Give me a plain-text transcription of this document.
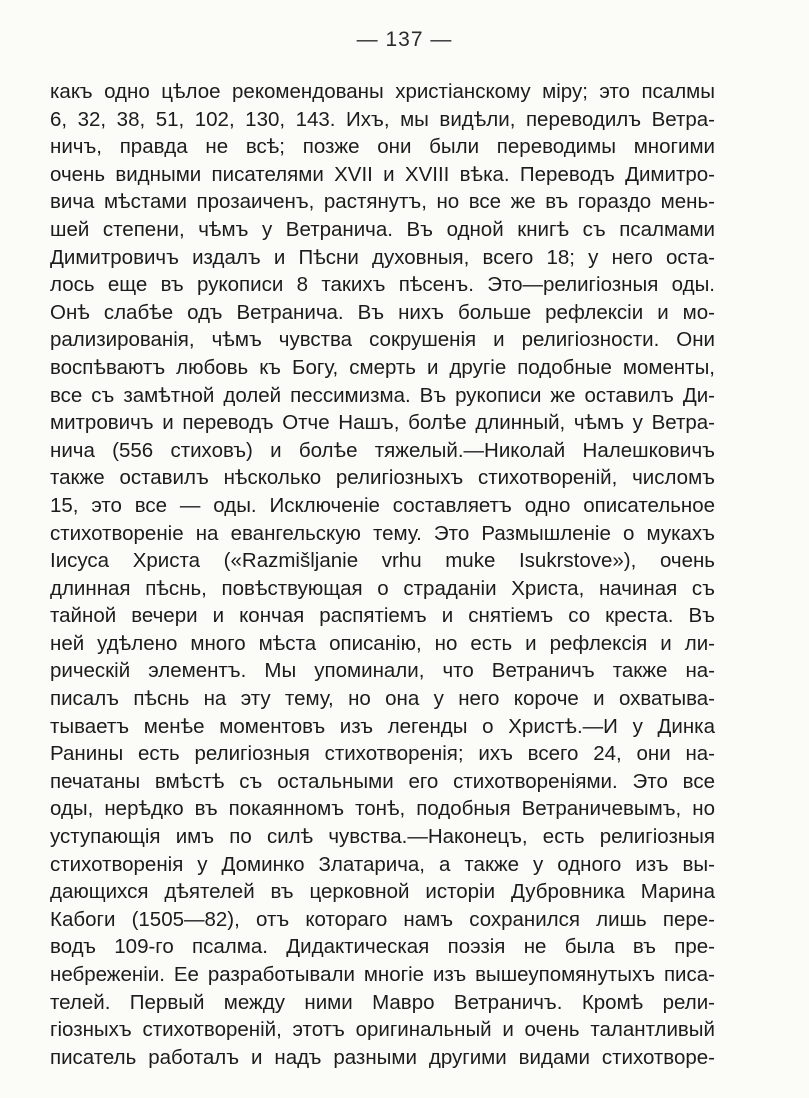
— 137 —
какъ одно цѣлое рекомендованы христіанскому міру; это псалмы
6, 32, 38, 51, 102, 130, 143. Ихъ, мы видѣли, переводилъ Ветра-
ничъ, правда не всѣ; позже они были переводимы многими
очень видными писателями XVII и XVIII вѣка. Переводъ Димитро-
вича мѣстами прозаиченъ, растянутъ, но все же въ гораздо мень-
шей степени, чѣмъ у Ветранича. Въ одной книгѣ съ псалмами
Димитровичъ издалъ и Пѣсни духовныя, всего 18; у него оста-
лось еще въ рукописи 8 такихъ пѣсенъ. Это—религіозныя оды.
Онѣ слабѣе одъ Ветранича. Въ нихъ больше рефлексіи и мо-
рализированія, чѣмъ чувства сокрушенія и религіозности. Они
воспѣваютъ любовь къ Богу, смерть и другіе подобные моменты,
все съ замѣтной долей пессимизма. Въ рукописи же оставилъ Ди-
митровичъ и переводъ Отче Нашъ, болѣе длинный, чѣмъ у Ветра-
нича (556 стиховъ) и болѣе тяжелый.—Николай Налешковичъ
также оставилъ нѣсколько религіозныхъ стихотвореній, числомъ
15, это все — оды. Исключеніе составляетъ одно описательное
стихотвореніе на евангельскую тему. Это Размышленіе о мукахъ
Іисуса Христа («Razmišljanie vrhu muke Isukrstove»), очень
длинная пѣснь, повѣствующая о страданіи Христа, начиная съ
тайной вечери и кончая распятіемъ и снятіемъ со креста. Въ
ней удѣлено много мѣста описанію, но есть и рефлексія и ли-
рическій элементъ. Мы упоминали, что Ветраничъ также на-
писалъ пѣснь на эту тему, но она у него короче и охватыва-
тываетъ менѣе моментовъ изъ легенды о Христѣ.—И у Динка
Ранины есть религіозныя стихотворенія; ихъ всего 24, они на-
печатаны вмѣстѣ съ остальными его стихотвореніями. Это все
оды, нерѣдко въ покаянномъ тонѣ, подобныя Ветраничевымъ, но
уступающія имъ по силѣ чувства.—Наконецъ, есть религіозныя
стихотворенія у Доминко Златарича, а также у одного изъ вы-
дающихся дѣятелей въ церковной исторіи Дубровника Марина
Кабоги (1505—82), отъ котораго намъ сохранился лишь пере-
водъ 109-го псалма. Дидактическая поэзія не была въ пре-
небреженіи. Ее разработывали многіе изъ вышеупомянутыхъ писа-
телей. Первый между ними Мавро Ветраничъ. Кромѣ рели-
гіозныхъ стихотвореній, этотъ оригинальный и очень талантливый
писатель работалъ и надъ разными другими видами стихотворе-
